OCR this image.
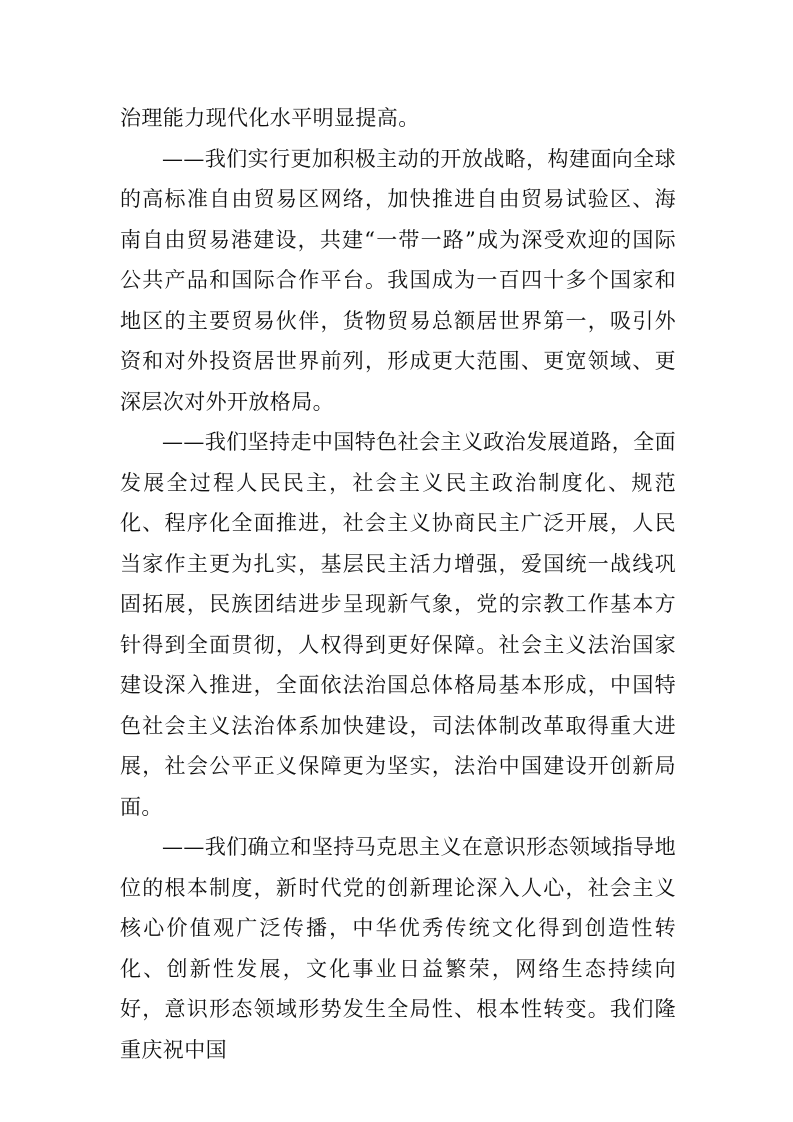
治理能力现代化水平明显提高。

——我们实行更加积极主动的开放战略，构建面向全球的高标准自由贸易区网络，加快推进自由贸易试验区、海南自由贸易港建设，共建“一带一路”成为深受欢迎的国际公共产品和国际合作平台。我国成为一百四十多个国家和地区的主要贸易伙伴，货物贸易总额居世界第一，吸引外资和对外投资居世界前列，形成更大范围、更宽领域、更深层次对外开放格局。

——我们坚持走中国特色社会主义政治发展道路，全面发展全过程人民民主，社会主义民主政治制度化、规范化、程序化全面推进，社会主义协商民主广泛开展，人民当家作主更为扎实，基层民主活力增强，爱国统一战线巩固拓展，民族团结进步呈现新气象，党的宗教工作基本方针得到全面贯彻，人权得到更好保障。社会主义法治国家建设深入推进，全面依法治国总体格局基本形成，中国特色社会主义法治体系加快建设，司法体制改革取得重大进展，社会公平正义保障更为坚实，法治中国建设开创新局面。

——我们确立和坚持马克思主义在意识形态领域指导地位的根本制度，新时代党的创新理论深入人心，社会主义核心价值观广泛传播，中华优秀传统文化得到创造性转化、创新性发展，文化事业日益繁荣，网络生态持续向好，意识形态领域形势发生全局性、根本性转变。我们隆重庆祝中国
